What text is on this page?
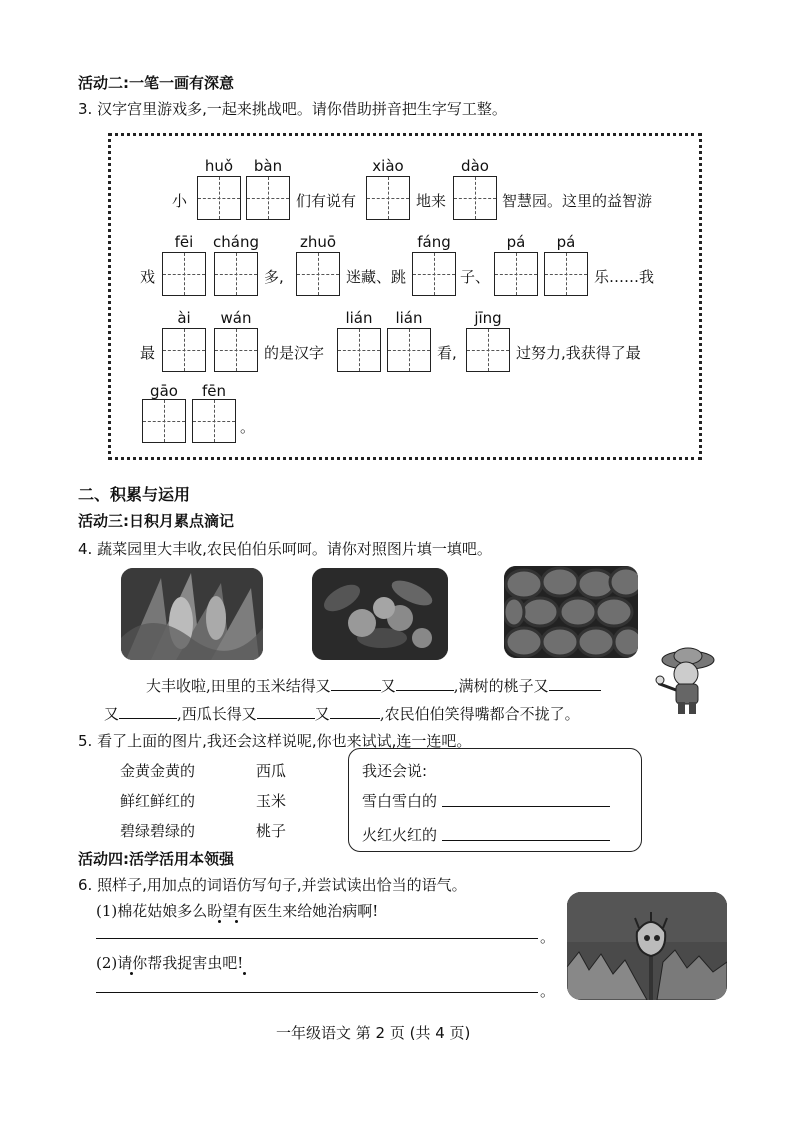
活动二:一笔一画有深意
3. 汉字宫里游戏多,一起来挑战吧。请你借助拼音把生字写工整。
小
huǒ	bàn
们有说有
xiào
地来
dào
智慧园。这里的益智游
戏
fēi	cháng
多,
zhuō
迷藏、跳
fáng
子、
pá	pá
乐……我
最
ài	wán
的是汉字
lián	lián
看,
jīng
过努力,我获得了最
gāo	fēn
。
二、积累与运用
活动三:日积月累点滴记
4. 蔬菜园里大丰收,农民伯伯乐呵呵。请你对照图片填一填吧。
大丰收啦,田里的玉米结得又	又	,满树的桃子又
又	,西瓜长得又	又	,农民伯伯笑得嘴都合不拢了。
5. 看了上面的图片,我还会这样说呢,你也来试试,连一连吧。
金黄金黄的
鲜红鲜红的
碧绿碧绿的
西瓜
玉米
桃子
我还会说:
雪白雪白的
火红火红的
活动四:活学活用本领强
6. 照样子,用加点的词语仿写句子,并尝试读出恰当的语气。
(1)棉花姑娘多么盼望有医生来给她治病啊!
。
(2)请你帮我捉害虫吧!
。
一年级语文 第 2 页 (共 4 页)
